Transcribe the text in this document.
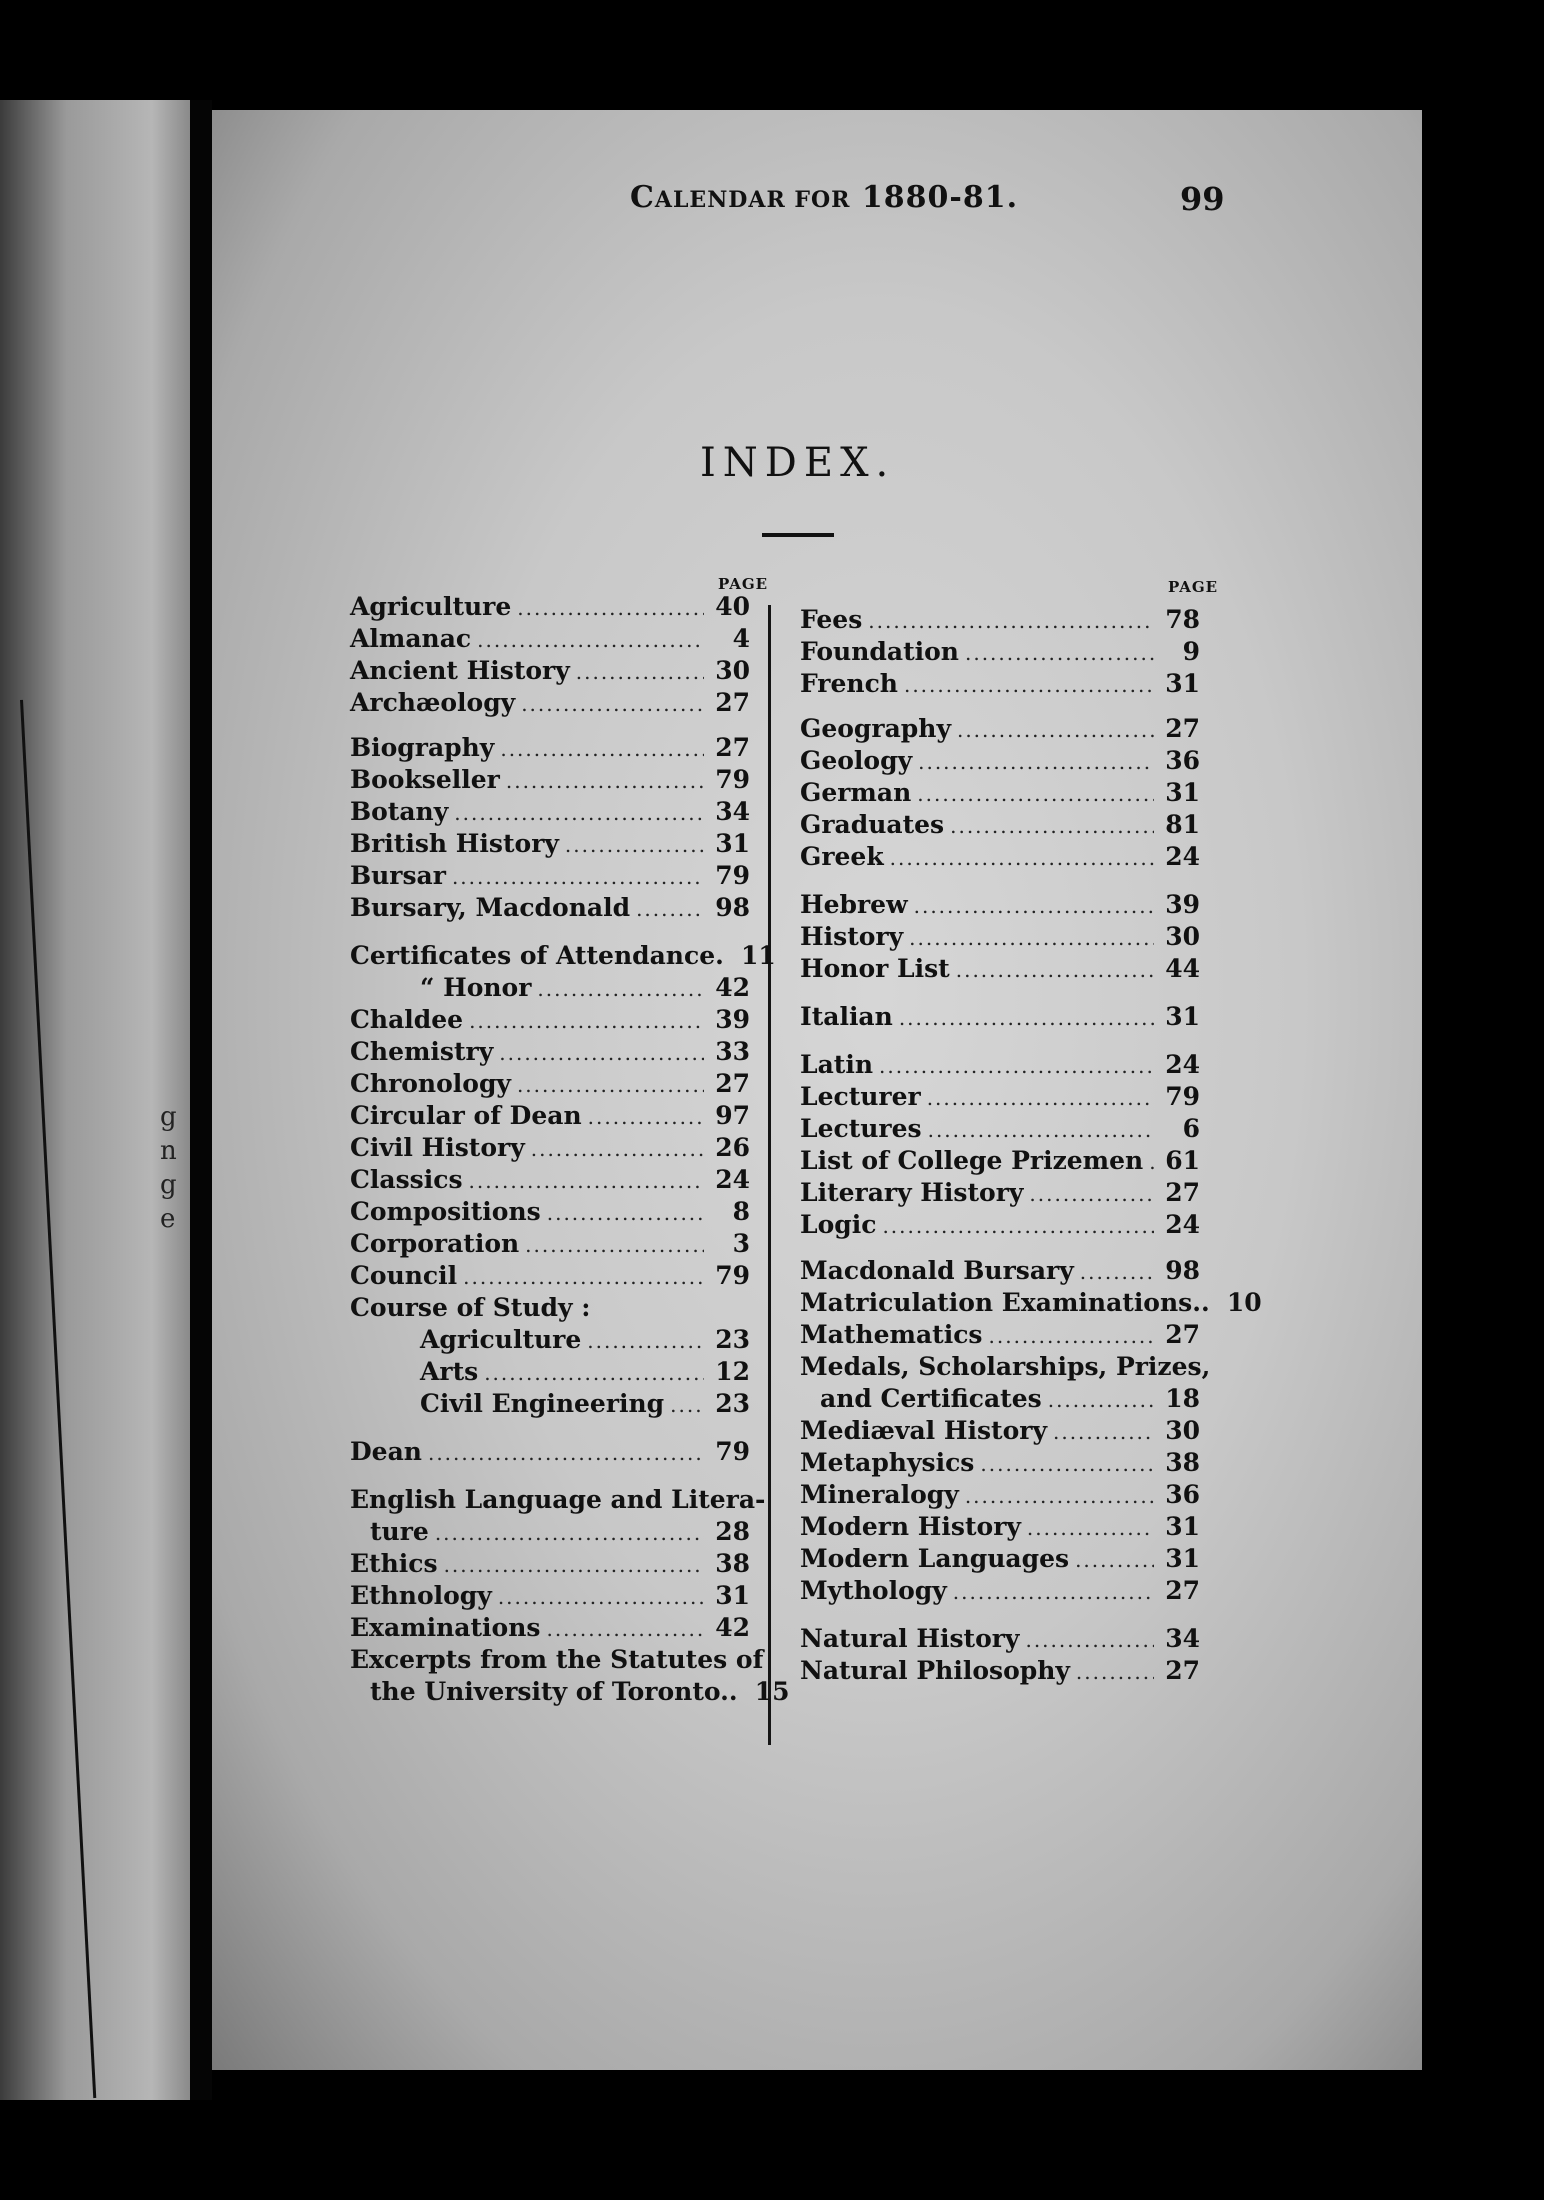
g
n
g
e
CALENDAR FOR 1880-81.	99
INDEX.
PAGE
Agriculture .....	40
Almanac .....	4
Ancient History .....	30
Archæology .....	27
Biography .....	27
Bookseller .....	79
Botany .....	34
British History .....	31
Bursar .....	79
Bursary, Macdonald .....	98
Certificates of Attendance. 11
“ Honor .....	42
Chaldee .....	39
Chemistry .....	33
Chronology .....	27
Circular of Dean .....	97
Civil History .....	26
Classics .....	24
Compositions .....	8
Corporation .....	3
Council .....	79
Course of Study :
Agriculture .....	23
Arts .....	12
Civil Engineering ..... 23
Dean .....	79
English Language and Litera-
ture .....	28
Ethics .....	38
Ethnology .....	31
Examinations .....	42
Excerpts from the Statutes of
the University of Toronto.. 15
PAGE
Fees .....	78
Foundation .....	9
French .....	31
Geography .....	27
Geology .....	36
German .....	31
Graduates .....	81
Greek .....	24
Hebrew .....	39
History .....	30
Honor List .....	44
Italian .....	31
Latin .....	24
Lecturer .....	79
Lectures .....	6
List of College Prizemen ..... 61
Literary History .....	27
Logic .....	24
Macdonald Bursary .....	98
Matriculation Examinations.. 10
Mathematics .....	27
Medals, Scholarships, Prizes,
and Certificates .....	18
Mediæval History .....	30
Metaphysics .....	38
Mineralogy .....	36
Modern History .....	31
Modern Languages .....	31
Mythology .....	27
Natural History .....	34
Natural Philosophy .....	27
